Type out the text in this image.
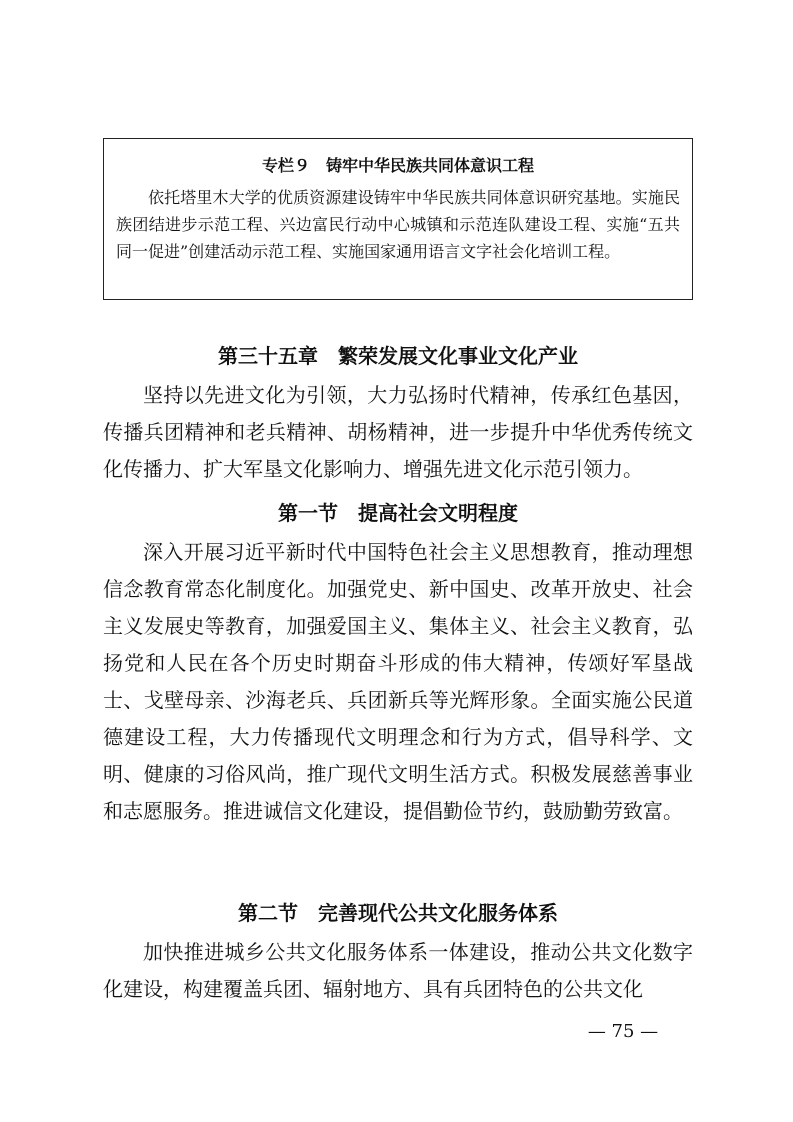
专栏９　铸牢中华民族共同体意识工程
依托塔里木大学的优质资源建设铸牢中华民族共同体意识研究基地。实施民族团结进步示范工程、兴边富民行动中心城镇和示范连队建设工程、实施“五共同一促进”创建活动示范工程、实施国家通用语言文字社会化培训工程。
第三十五章　繁荣发展文化事业文化产业
坚持以先进文化为引领，大力弘扬时代精神，传承红色基因，传播兵团精神和老兵精神、胡杨精神，进一步提升中华优秀传统文化传播力、扩大军垦文化影响力、增强先进文化示范引领力。
第一节　提高社会文明程度
深入开展习近平新时代中国特色社会主义思想教育，推动理想信念教育常态化制度化。加强党史、新中国史、改革开放史、社会主义发展史等教育，加强爱国主义、集体主义、社会主义教育，弘扬党和人民在各个历史时期奋斗形成的伟大精神，传颂好军垦战士、戈壁母亲、沙海老兵、兵团新兵等光辉形象。全面实施公民道德建设工程，大力传播现代文明理念和行为方式，倡导科学、文明、健康的习俗风尚，推广现代文明生活方式。积极发展慈善事业和志愿服务。推进诚信文化建设，提倡勤俭节约，鼓励勤劳致富。
第二节　完善现代公共文化服务体系
加快推进城乡公共文化服务体系一体建设，推动公共文化数字化建设，构建覆盖兵团、辐射地方、具有兵团特色的公共文化
— 75 —
